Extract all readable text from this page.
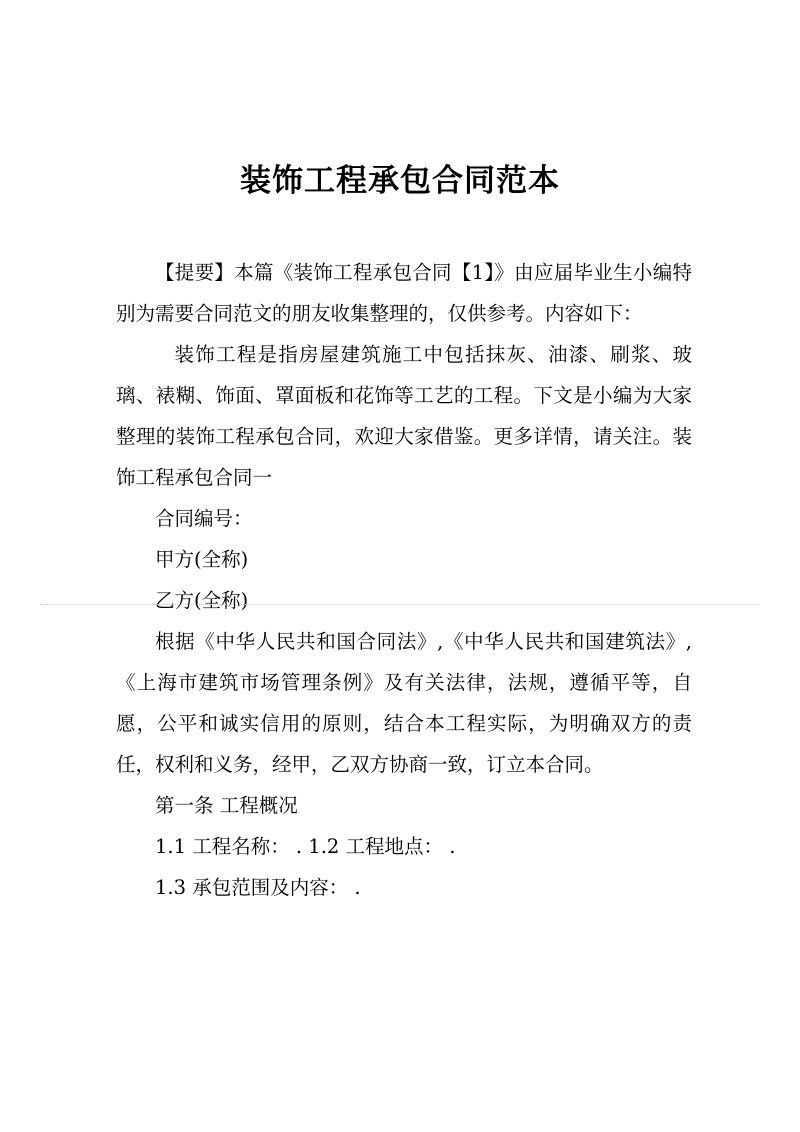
装饰工程承包合同范本

【提要】本篇《装饰工程承包合同【1】》由应届毕业生小编特别为需要合同范文的朋友收集整理的，仅供参考。内容如下：

装饰工程是指房屋建筑施工中包括抹灰、油漆、刷浆、玻璃、裱糊、饰面、罩面板和花饰等工艺的工程。下文是小编为大家整理的装饰工程承包合同，欢迎大家借鉴。更多详情，请关注。装饰工程承包合同一

合同编号：

甲方(全称)

乙方(全称)

根据《中华人民共和国合同法》,《中华人民共和国建筑法》,《上海市建筑市场管理条例》及有关法律，法规，遵循平等，自愿，公平和诚实信用的原则，结合本工程实际，为明确双方的责任，权利和义务，经甲，乙双方协商一致，订立本合同。

第一条 工程概况

1.1 工程名称： . 1.2 工程地点： .

1.3 承包范围及内容： .
